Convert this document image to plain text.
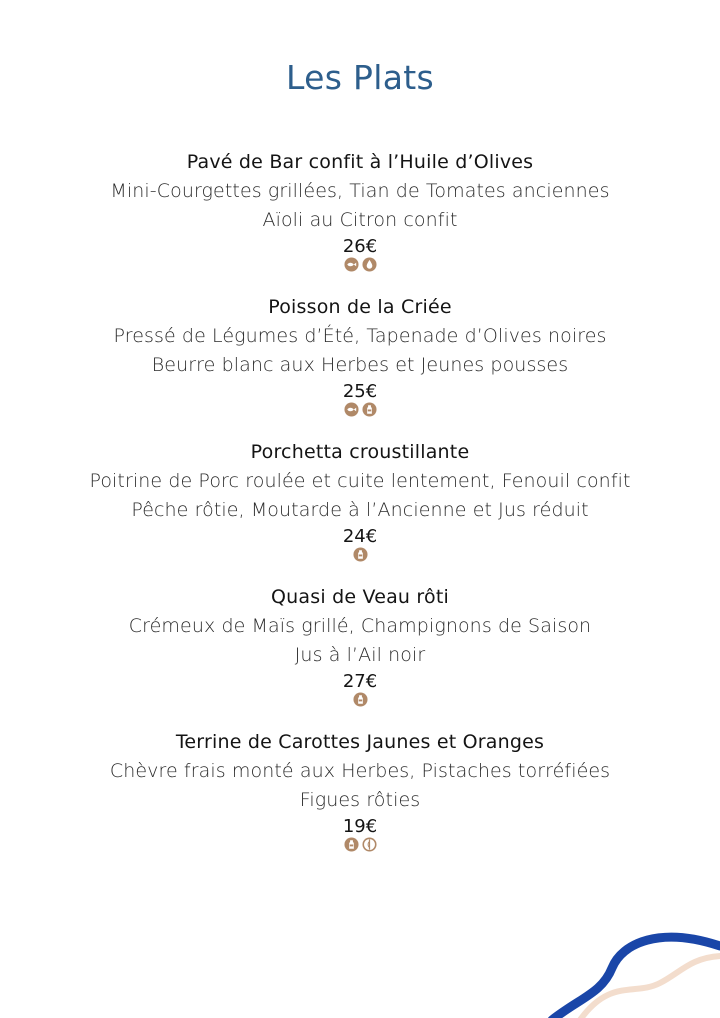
Les Plats
Pavé de Bar confit à l’Huile d’Olives
Mini-Courgettes grillées, Tian de Tomates anciennes
Aïoli au Citron confit
26€
Poisson de la Criée
Pressé de Légumes d’Été, Tapenade d’Olives noires
Beurre blanc aux Herbes et Jeunes pousses
25€
Porchetta croustillante
Poitrine de Porc roulée et cuite lentement, Fenouil confit
Pêche rôtie, Moutarde à l’Ancienne et Jus réduit
24€
Quasi de Veau rôti
Crémeux de Maïs grillé, Champignons de Saison
Jus à l’Ail noir
27€
Terrine de Carottes Jaunes et Oranges
Chèvre frais monté aux Herbes, Pistaches torréfiées
Figues rôties
19€
